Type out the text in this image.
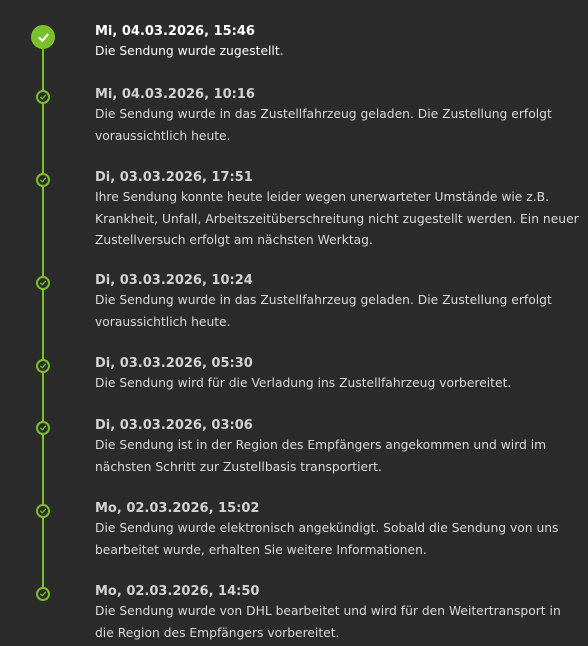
Mi, 04.03.2026, 15:46
Die Sendung wurde zugestellt.
Mi, 04.03.2026, 10:16
Die Sendung wurde in das Zustellfahrzeug geladen. Die Zustellung erfolgt voraussichtlich heute.
Di, 03.03.2026, 17:51
Ihre Sendung konnte heute leider wegen unerwarteter Umstände wie z.B. Krankheit, Unfall, Arbeitszeitüberschreitung nicht zugestellt werden. Ein neuer Zustellversuch erfolgt am nächsten Werktag.
Di, 03.03.2026, 10:24
Die Sendung wurde in das Zustellfahrzeug geladen. Die Zustellung erfolgt voraussichtlich heute.
Di, 03.03.2026, 05:30
Die Sendung wird für die Verladung ins Zustellfahrzeug vorbereitet.
Di, 03.03.2026, 03:06
Die Sendung ist in der Region des Empfängers angekommen und wird im nächsten Schritt zur Zustellbasis transportiert.
Mo, 02.03.2026, 15:02
Die Sendung wurde elektronisch angekündigt. Sobald die Sendung von uns bearbeitet wurde, erhalten Sie weitere Informationen.
Mo, 02.03.2026, 14:50
Die Sendung wurde von DHL bearbeitet und wird für den Weitertransport in die Region des Empfängers vorbereitet.
